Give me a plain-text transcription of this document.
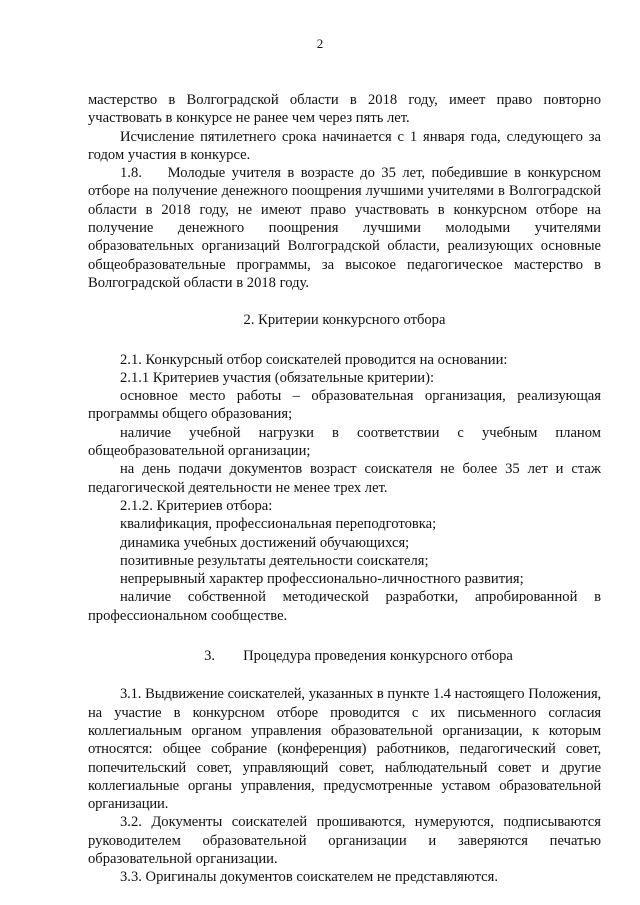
2

мастерство в Волгоградской области в 2018 году, имеет право повторно участвовать в конкурсе не ранее чем через пять лет.

Исчисление пятилетнего срока начинается с 1 января года, следующего за годом участия в конкурсе.

1.8.    Молодые учителя в возрасте до 35 лет, победившие в конкурсном отборе на получение денежного поощрения лучшими учителями в Волгоградской области в 2018 году, не имеют право участвовать в конкурсном отборе на получение денежного поощрения лучшими молодыми учителями образовательных организаций Волгоградской области, реализующих основные общеобразовательные программы, за высокое педагогическое мастерство в Волгоградской области в 2018 году.

2. Критерии конкурсного отбора

2.1. Конкурсный отбор соискателей проводится на основании:

2.1.1 Критериев участия (обязательные критерии):

основное место работы – образовательная организация, реализующая программы общего образования;

наличие учебной нагрузки в соответствии с учебным планом общеобразовательной организации;

на день подачи документов возраст соискателя не более 35 лет и стаж педагогической деятельности не менее трех лет.

2.1.2. Критериев отбора:

квалификация, профессиональная переподготовка;

динамика учебных достижений обучающихся;

позитивные результаты деятельности соискателя;

непрерывный характер профессионально-личностного развития;

наличие собственной методической разработки, апробированной в профессиональном сообществе.

3. Процедура проведения конкурсного отбора

3.1. Выдвижение соискателей, указанных в пункте 1.4 настоящего Положения, на участие в конкурсном отборе проводится с их письменного согласия коллегиальным органом управления образовательной организации, к которым относятся: общее собрание (конференция) работников, педагогический совет, попечительский совет, управляющий совет, наблюдательный совет и другие коллегиальные органы управления, предусмотренные уставом образовательной организации.

3.2. Документы соискателей прошиваются, нумеруются, подписываются руководителем образовательной организации и заверяются печатью образовательной организации.

3.3. Оригиналы документов соискателем не представляются.
